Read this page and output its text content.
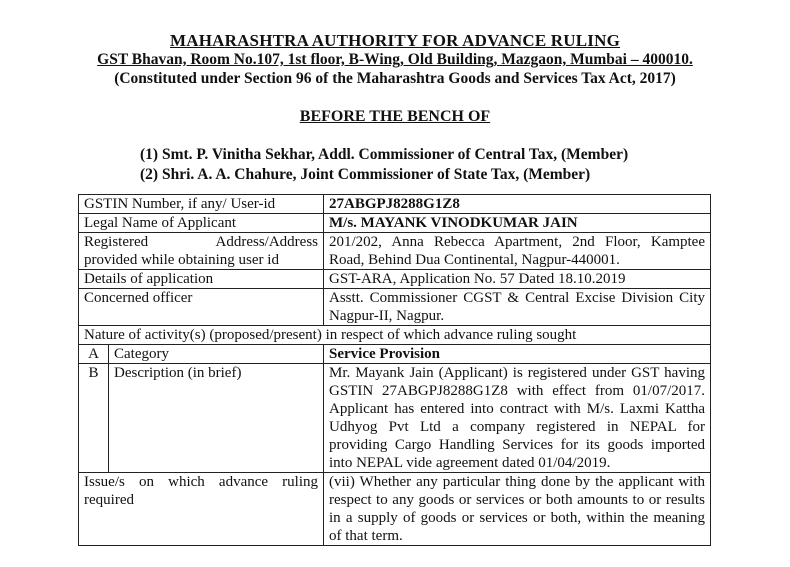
MAHARASHTRA AUTHORITY FOR ADVANCE RULING
GST Bhavan, Room No.107, 1st floor, B-Wing, Old Building, Mazgaon, Mumbai – 400010.
(Constituted under Section 96 of the Maharashtra Goods and Services Tax Act, 2017)
BEFORE THE BENCH OF
(1) Smt. P. Vinitha Sekhar, Addl. Commissioner of Central Tax, (Member)
(2) Shri. A. A. Chahure, Joint Commissioner of State Tax, (Member)
GSTIN Number, if any/ User-id		27ABGPJ8288G1Z8
Legal Name of Applicant		M/s. MAYANK VINODKUMAR JAIN

Registered Address/Address
provided while obtaining user id		201/202, Anna Rebecca Apartment, 2nd Floor, Kamptee Road, Behind Dua Continental, Nagpur-440001.
Details of application		GST-ARA, Application No. 57 Dated 18.10.2019
Concerned officer		Asstt. Commissioner CGST & Central Excise Division City Nagpur-II, Nagpur.
Nature of activity(s) (proposed/present) in respect of which advance ruling sought		
A	Category	Service Provision
B	Description (in brief)	Mr. Mayank Jain (Applicant) is registered under GST having GSTIN 27ABGPJ8288G1Z8 with effect from 01/07/2017. Applicant has entered into contract with M/s. Laxmi Kattha Udhyog Pvt Ltd a company registered in NEPAL for providing Cargo Handling Services for its goods imported into NEPAL vide agreement dated 01/04/2019.
Issue/s on which advance ruling required		(vii) Whether any particular thing done by the applicant with respect to any goods or services or both amounts to or results in a supply of goods or services or both, within the meaning of that term.
